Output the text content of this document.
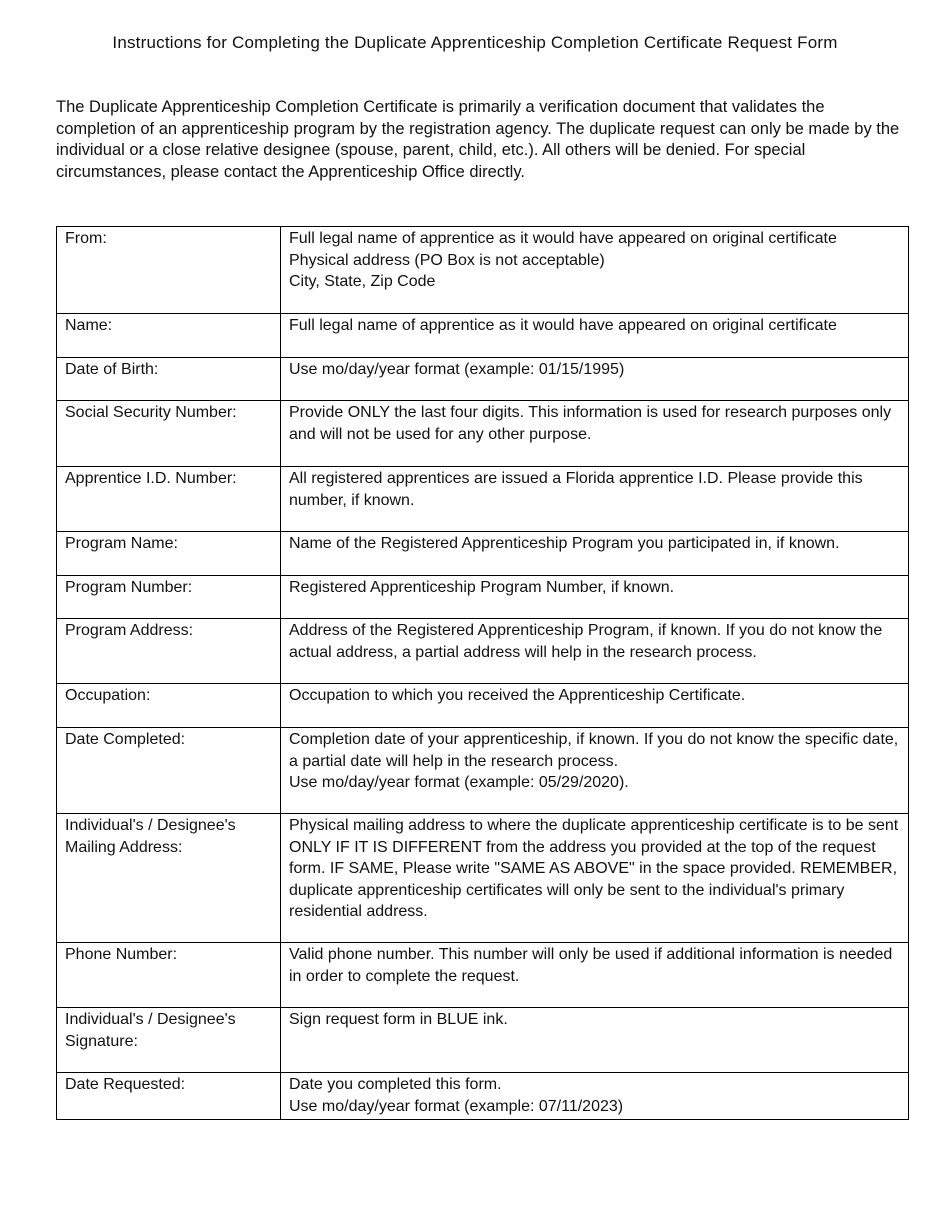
Instructions for Completing the Duplicate Apprenticeship Completion Certificate Request Form
The Duplicate Apprenticeship Completion Certificate is primarily a verification document that validates the completion of an apprenticeship program by the registration agency. The duplicate request can only be made by the individual or a close relative designee (spouse, parent, child, etc.). All others will be denied. For special circumstances, please contact the Apprenticeship Office directly.
From:	Full legal name of apprentice as it would have appeared on original certificate
Physical address (PO Box is not acceptable)
City, State, Zip Code

Name:	Full legal name of apprentice as it would have appeared on original certificate

Date of Birth:	Use mo/day/year format (example: 01/15/1995)

Social Security Number:	Provide ONLY the last four digits. This information is used for research purposes only and will not be used for any other purpose.

Apprentice I.D. Number:	All registered apprentices are issued a Florida apprentice I.D. Please provide this number, if known.

Program Name:	Name of the Registered Apprenticeship Program you participated in, if known.

Program Number:	Registered Apprenticeship Program Number, if known.

Program Address:	Address of the Registered Apprenticeship Program, if known. If you do not know the actual address, a partial address will help in the research process.

Occupation:	Occupation to which you received the Apprenticeship Certificate.

Date Completed:	Completion date of your apprenticeship, if known. If you do not know the specific date, a partial date will help in the research process.
Use mo/day/year format (example: 05/29/2020).

Individual's / Designee's Mailing Address:	Physical mailing address to where the duplicate apprenticeship certificate is to be sent ONLY IF IT IS DIFFERENT from the address you provided at the top of the request form. IF SAME, Please write "SAME AS ABOVE" in the space provided. REMEMBER, duplicate apprenticeship certificates will only be sent to the individual's primary residential address.

Phone Number:	Valid phone number. This number will only be used if additional information is needed in order to complete the request.

Individual's / Designee's Signature:	Sign request form in BLUE ink.

Date Requested:	Date you completed this form.
Use mo/day/year format (example: 07/11/2023)
